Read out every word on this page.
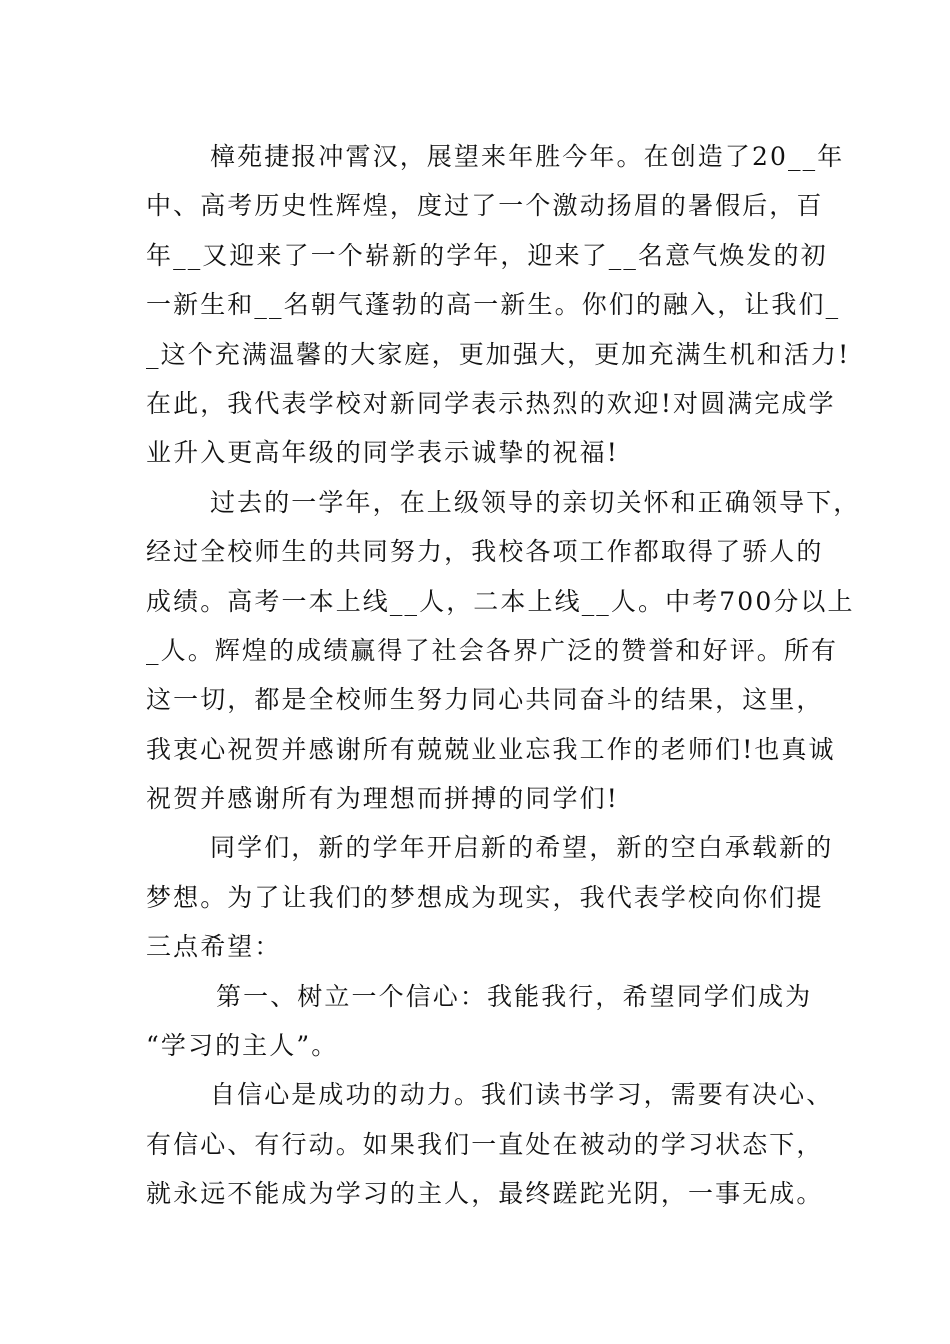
樟苑捷报冲霄汉，展望来年胜今年。在创造了20__年
中、高考历史性辉煌，度过了一个激动扬眉的暑假后，百
年__又迎来了一个崭新的学年，迎来了__名意气焕发的初
一新生和__名朝气蓬勃的高一新生。你们的融入，让我们_
_这个充满温馨的大家庭，更加强大，更加充满生机和活力!
在此，我代表学校对新同学表示热烈的欢迎!对圆满完成学
业升入更高年级的同学表示诚挚的祝福!
过去的一学年，在上级领导的亲切关怀和正确领导下，
经过全校师生的共同努力，我校各项工作都取得了骄人的
成绩。高考一本上线__人，二本上线__人。中考700分以上
_人。辉煌的成绩赢得了社会各界广泛的赞誉和好评。所有
这一切，都是全校师生努力同心共同奋斗的结果，这里，
我衷心祝贺并感谢所有兢兢业业忘我工作的老师们!也真诚
祝贺并感谢所有为理想而拼搏的同学们!
同学们，新的学年开启新的希望，新的空白承载新的
梦想。为了让我们的梦想成为现实，我代表学校向你们提
三点希望：
第一、树立一个信心：我能我行，希望同学们成为
“学习的主人”。
自信心是成功的动力。我们读书学习，需要有决心、
有信心、有行动。如果我们一直处在被动的学习状态下，
就永远不能成为学习的主人，最终蹉跎光阴，一事无成。
